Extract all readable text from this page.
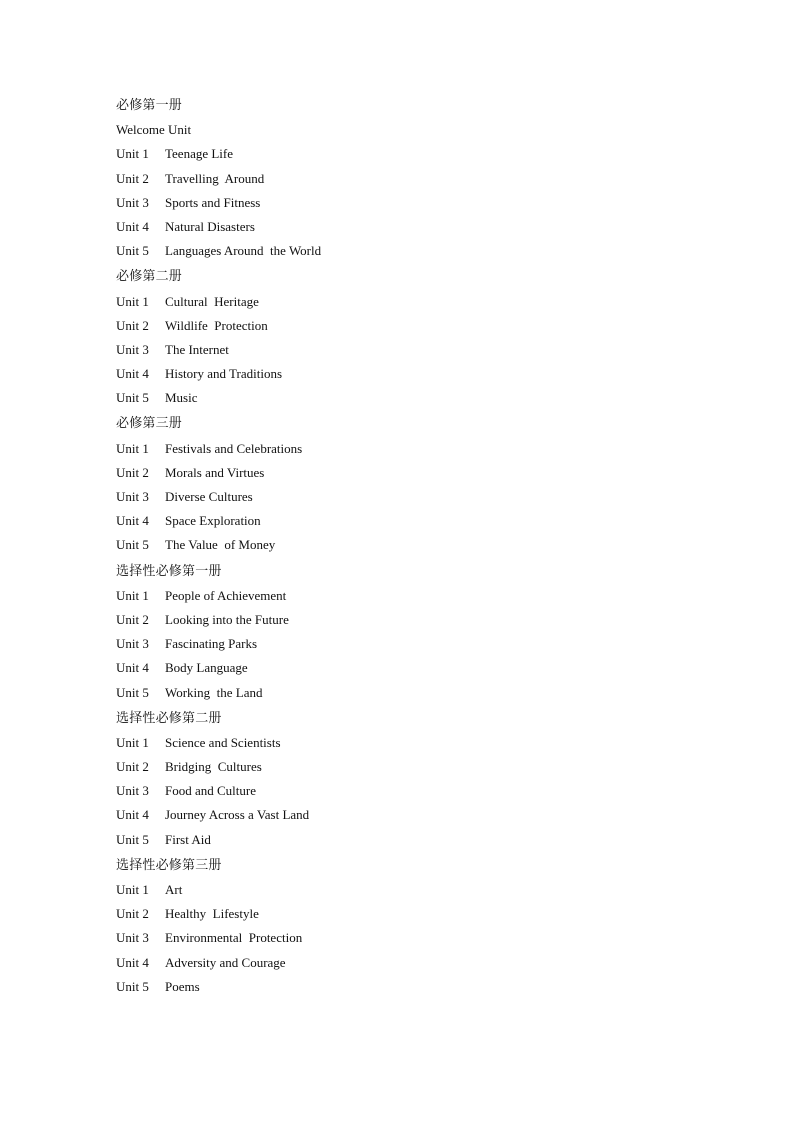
必修第一册
Welcome Unit
Unit 1 Teenage Life
Unit 2 Travelling  Around
Unit 3 Sports and Fitness
Unit 4 Natural Disasters
Unit 5 Languages Around  the World
必修第二册
Unit 1 Cultural  Heritage
Unit 2 Wildlife  Protection
Unit 3 The Internet
Unit 4 History and Traditions
Unit 5 Music
必修第三册
Unit 1 Festivals and Celebrations
Unit 2 Morals and Virtues
Unit 3 Diverse Cultures
Unit 4 Space Exploration
Unit 5 The Value  of Money
选择性必修第一册
Unit 1 People of Achievement
Unit 2 Looking into the Future
Unit 3 Fascinating Parks
Unit 4 Body Language
Unit 5 Working  the Land
选择性必修第二册
Unit 1 Science and Scientists
Unit 2 Bridging  Cultures
Unit 3 Food and Culture
Unit 4 Journey Across a Vast Land
Unit 5 First Aid
选择性必修第三册
Unit 1 Art
Unit 2 Healthy  Lifestyle
Unit 3 Environmental  Protection
Unit 4 Adversity and Courage
Unit 5 Poems
